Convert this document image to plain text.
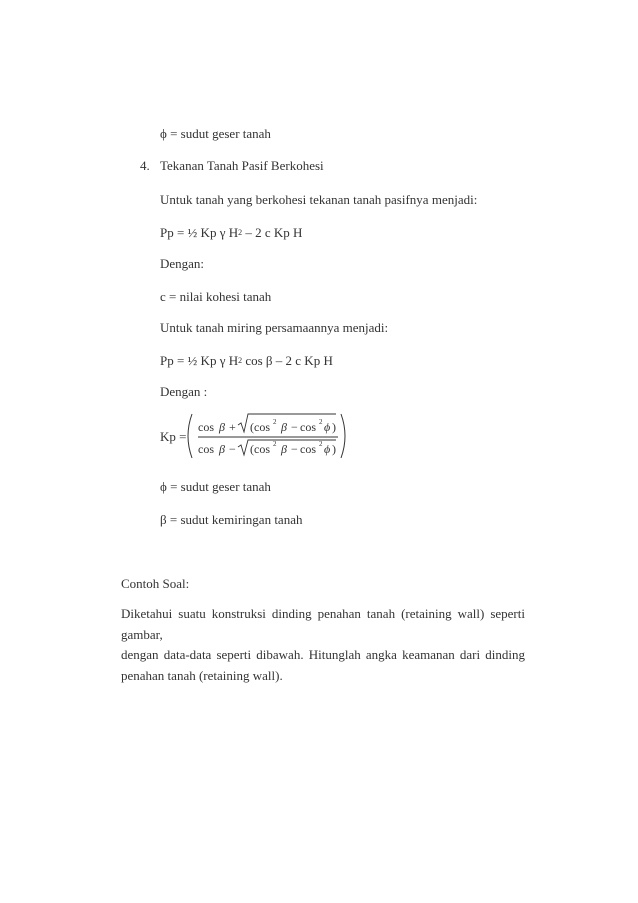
ϕ = sudut geser tanah
4. Tekanan Tanah Pasif Berkohesi
Untuk tanah yang berkohesi tekanan tanah pasifnya menjadi:
Pp = ½ Kp γ $H^2 - 2$ c Kp H
Dengan:
c = nilai kohesi tanah
Untuk tanah miring persamaannya menjadi:
Pp = ½ Kp γ $H^2$ cos β – 2 c Kp H
Dengan :
Kp =
cos β + (cos 2 β − cos 2 ϕ )
cos β − (cos 2 β − cos 2 ϕ )
ϕ = sudut geser tanah
β = sudut kemiringan tanah
Contoh Soal:
Diketahui suatu konstruksi dinding penahan tanah (retaining wall) seperti gambar,
dengan data-data seperti dibawah. Hitunglah angka keamanan dari dinding
penahan tanah (retaining wall).
